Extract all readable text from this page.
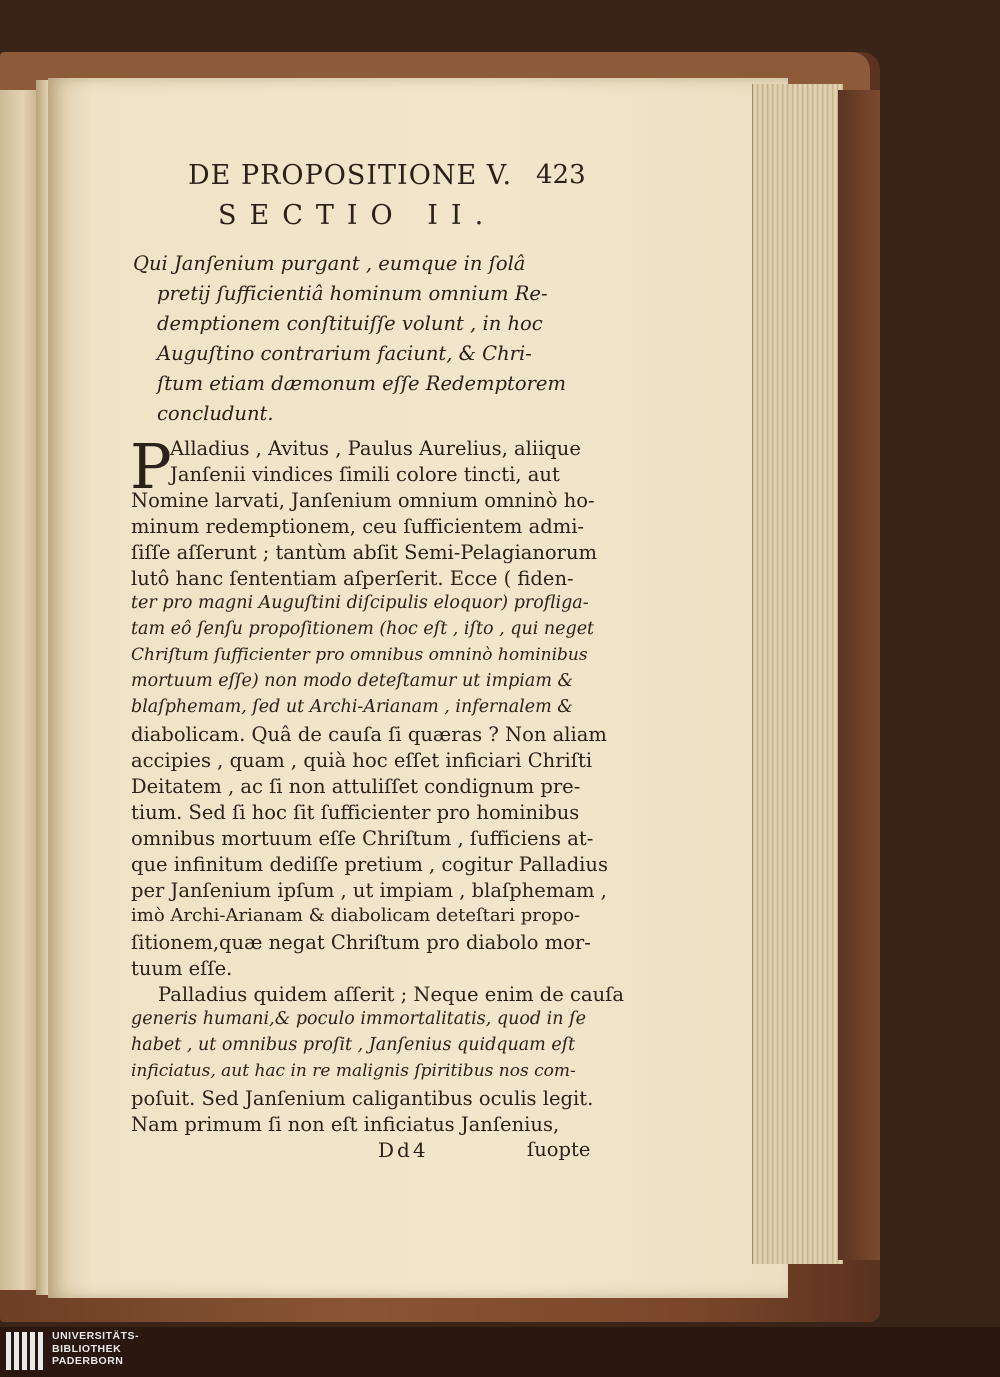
DE PROPOSITIONE V. 423
SECTIO II.
Qui Janſenium purgant , eumque in ſolâ
pretij ſufficientiâ hominum omnium Re-
demptionem conſtituiſſe volunt , in hoc
Auguſtino contrarium faciunt, & Chri-
ſtum etiam dæmonum eſſe Redemptorem
concludunt.
P
Alladius , Avitus , Paulus Aurelius, aliique
Janſenii vindices ſimili colore tincti, aut
Nomine larvati, Janſenium omnium omninò ho-
minum redemptionem, ceu ſufficientem admi-
ſiſſe aſſerunt ; tantùm abſit Semi-Pelagianorum
lutô hanc ſententiam aſperſerit. Ecce ( fiden-
ter pro magni Auguſtini diſcipulis eloquor) profliga-
tam eô ſenſu propoſitionem (hoc eſt , iſto , qui neget
Chriſtum ſufficienter pro omnibus omninò hominibus
mortuum eſſe) non modo deteſtamur ut impiam &
blaſphemam, ſed ut Archi-Arianam , infernalem &
diabolicam. Quâ de cauſa ſi quæras ? Non aliam
accipies , quam , quià hoc eſſet inficiari Chriſti
Deitatem , ac ſi non attuliſſet condignum pre-
tium. Sed ſi hoc ſit ſufficienter pro hominibus
omnibus mortuum eſſe Chriſtum , ſufficiens at-
que infinitum dediſſe pretium , cogitur Palladius
per Janſenium ipſum , ut impiam , blaſphemam ,
imò Archi-Arianam & diabolicam deteſtari propo-
ſitionem,quæ negat Chriſtum pro diabolo mor-
tuum eſſe.
Palladius quidem aſſerit ; Neque enim de cauſa
generis humani,& poculo immortalitatis, quod in ſe
habet , ut omnibus proſit , Janſenius quidquam eſt
inficiatus, aut hac in re malignis ſpiritibus nos com-
poſuit. Sed Janſenium caligantibus oculis legit.
Nam primum ſi non eſt inficiatus Janſenius,
Dd4	ſuopte
UNIVERSITÄTS-
BIBLIOTHEK
PADERBORN
